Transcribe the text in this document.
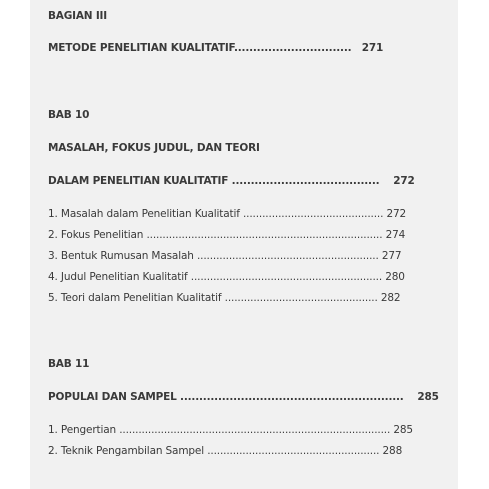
BAGIAN III
METODE PENELITIAN KUALITATIF...............................   271
BAB 10
MASALAH, FOKUS JUDUL, DAN TEORI
DALAM PENELITIAN KUALITATIF .......................................    272
1. Masalah dalam Penelitian Kualitatif ............................................ 272
2. Fokus Penelitian .......................................................................... 274
3. Bentuk Rumusan Masalah ......................................................... 277
4. Judul Penelitian Kualitatif ............................................................ 280
5. Teori dalam Penelitian Kualitatif ................................................ 282
BAB 11
POPULAI DAN SAMPEL ...........................................................    285
1. Pengertian ..................................................................................... 285
2. Teknik Pengambilan Sampel ...................................................... 288
